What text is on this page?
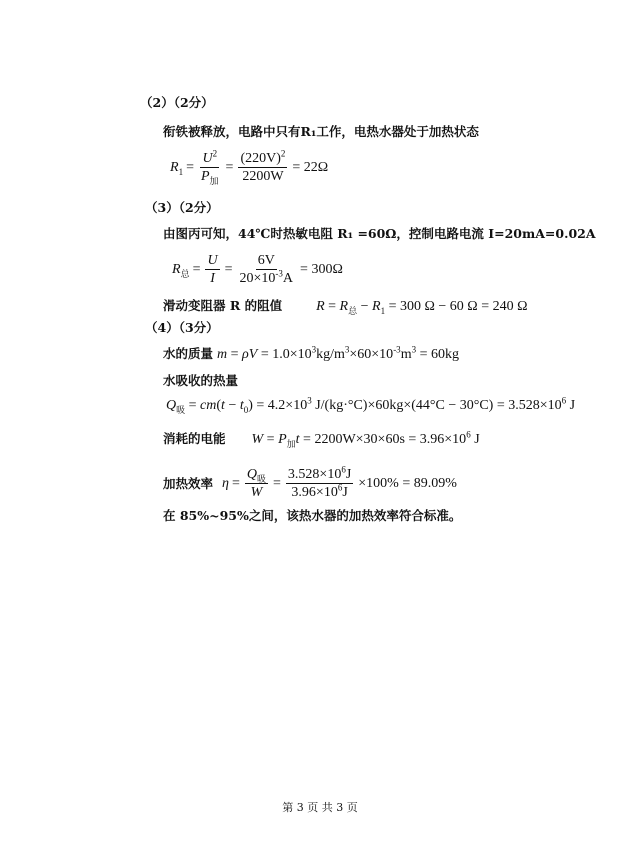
（2）（2分）
衔铁被释放，电路中只有R₁工作，电热水器处于加热状态
$R_1 = \frac{U^2}{P_加} = \frac{(220V)^2}{2200W} = 22\Omega$
（3）（2分）
由图丙可知，44℃时热敏电阻 R₁ =60Ω，控制电路电流 I=20mA=0.02A
$R_总 = \frac{U}{I} = \frac{6V}{20\times 10^{-3}A} = 300\Omega$
滑动变阻器 R 的阻值 $R = R_总 - R_1 = 300$ Ω − 60 Ω = 240 Ω
（4）（3分）
水的质量 $m = \rho V = 1.0\times 10^3kg/m^3\times 60\times 10^{-3}m^3 = 60kg$
水吸收的热量
$Q_吸 = cm(t - t_0) = 4.2\times 10^3$ $J/(kg\cdot^\circ C)\times 60kg\times(44^\circ C - 30^\circ C) = 3.528\times 10^6$ J
消耗的电能 $W = P_加t = 2200W\times 30\times 60s = 3.96\times 10^6$ J
加热效率 $\eta = \frac{Q_吸}{W} = \frac{3.528\times 10^6J}{3.96\times 10^6J} \times 100\% = 89.09\%$
在 85%~95%之间，该热水器的加热效率符合标准。
第 3 页 共 3 页
